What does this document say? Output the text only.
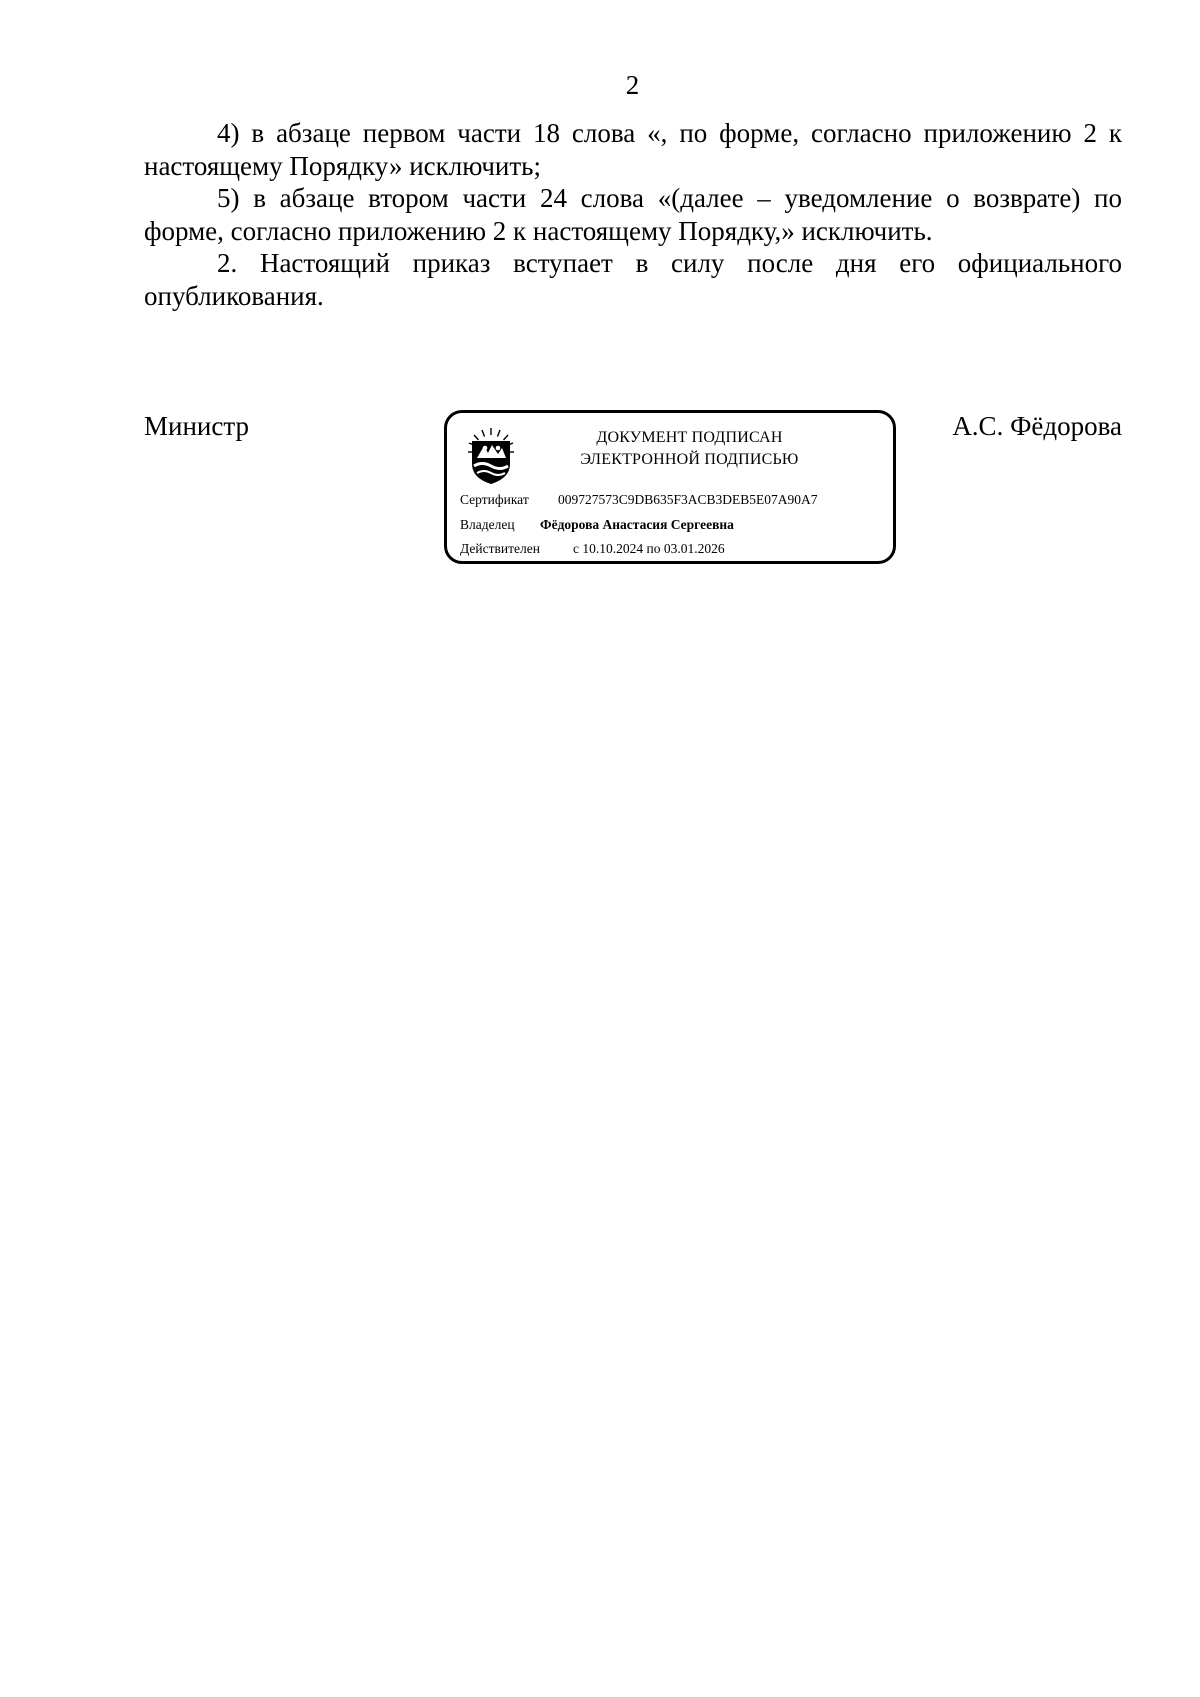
2

4) в абзаце первом части 18 слова «, по форме, согласно приложению 2 к настоящему Порядку» исключить;

5) в абзаце втором части 24 слова «(далее – уведомление о возврате) по форме, согласно приложению 2 к настоящему Порядку,» исключить.

2. Настоящий приказ вступает в силу после дня его официального опубликования.

Министр	ДОКУМЕНТ ПОДПИСАН
ЭЛЕКТРОННОЙ ПОДПИСЬЮ
Сертификат 009727573C9DB635F3ACB3DEB5E07A90A7
Владелец Фёдорова Анастасия Сергеевна
Действителен с 10.10.2024 по 03.01.2026
А.С. Фёдорова
